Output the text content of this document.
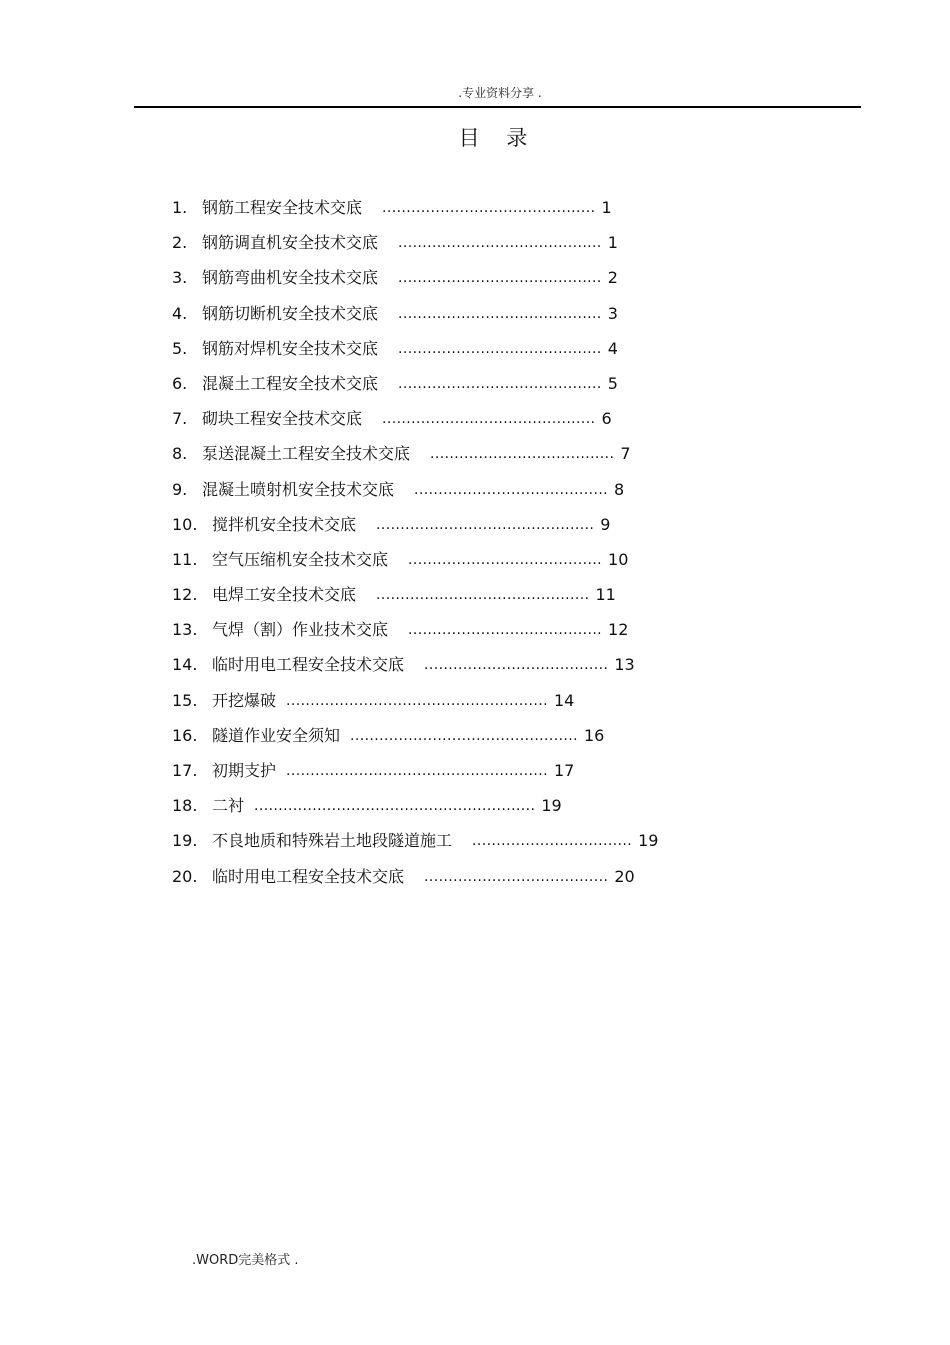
.专业资料分享 .
目 录
1. 钢筋工程安全技术交底 ............................................ 1
2. 钢筋调直机安全技术交底 .......................................... 1
3. 钢筋弯曲机安全技术交底 .......................................... 2
4. 钢筋切断机安全技术交底 .......................................... 3
5. 钢筋对焊机安全技术交底 .......................................... 4
6. 混凝土工程安全技术交底 .......................................... 5
7. 砌块工程安全技术交底 ............................................ 6
8. 泵送混凝土工程安全技术交底 ...................................... 7
9. 混凝土喷射机安全技术交底 ........................................ 8
10. 搅拌机安全技术交底 ............................................. 9
11. 空气压缩机安全技术交底 ........................................ 10
12. 电焊工安全技术交底 ............................................ 11
13. 气焊（割）作业技术交底 ........................................ 12
14. 临时用电工程安全技术交底 ...................................... 13
15. 开挖爆破 ...................................................... 14
16. 隧道作业安全须知 ............................................... 16
17. 初期支护 ...................................................... 17
18. 二衬 .......................................................... 19
19. 不良地质和特殊岩土地段隧道施工 ................................. 19
20. 临时用电工程安全技术交底 ...................................... 20
.WORD完美格式 .
